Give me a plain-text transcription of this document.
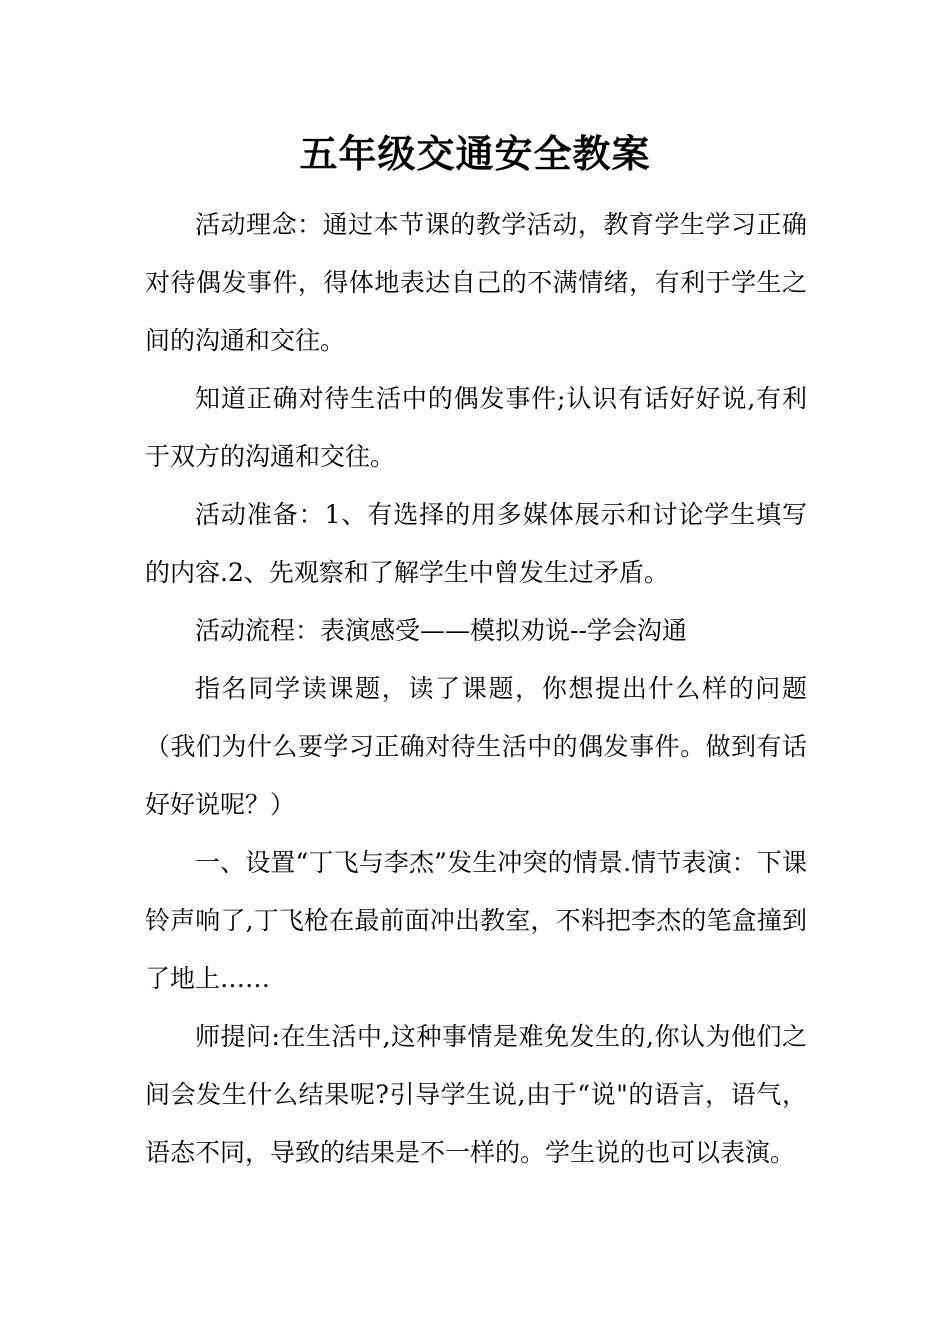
五年级交通安全教案

活动理念：通过本节课的教学活动，教育学生学习正确对待偶发事件，得体地表达自己的不满情绪，有利于学生之间的沟通和交往。

知道正确对待生活中的偶发事件;认识有话好好说,有利于双方的沟通和交往。

活动准备：1、有选择的用多媒体展示和讨论学生填写的内容.2、先观察和了解学生中曾发生过矛盾。

活动流程：表演感受——模拟劝说--学会沟通

指名同学读课题，读了课题，你想提出什么样的问题（我们为什么要学习正确对待生活中的偶发事件。做到有话好好说呢？）

一、设置“丁飞与李杰”发生冲突的情景.情节表演：下课铃声响了,丁飞枪在最前面冲出教室，不料把李杰的笔盒撞到了地上……

师提问:在生活中,这种事情是难免发生的,你认为他们之间会发生什么结果呢?引导学生说,由于“说"的语言，语气，语态不同，导致的结果是不一样的。学生说的也可以表演。
